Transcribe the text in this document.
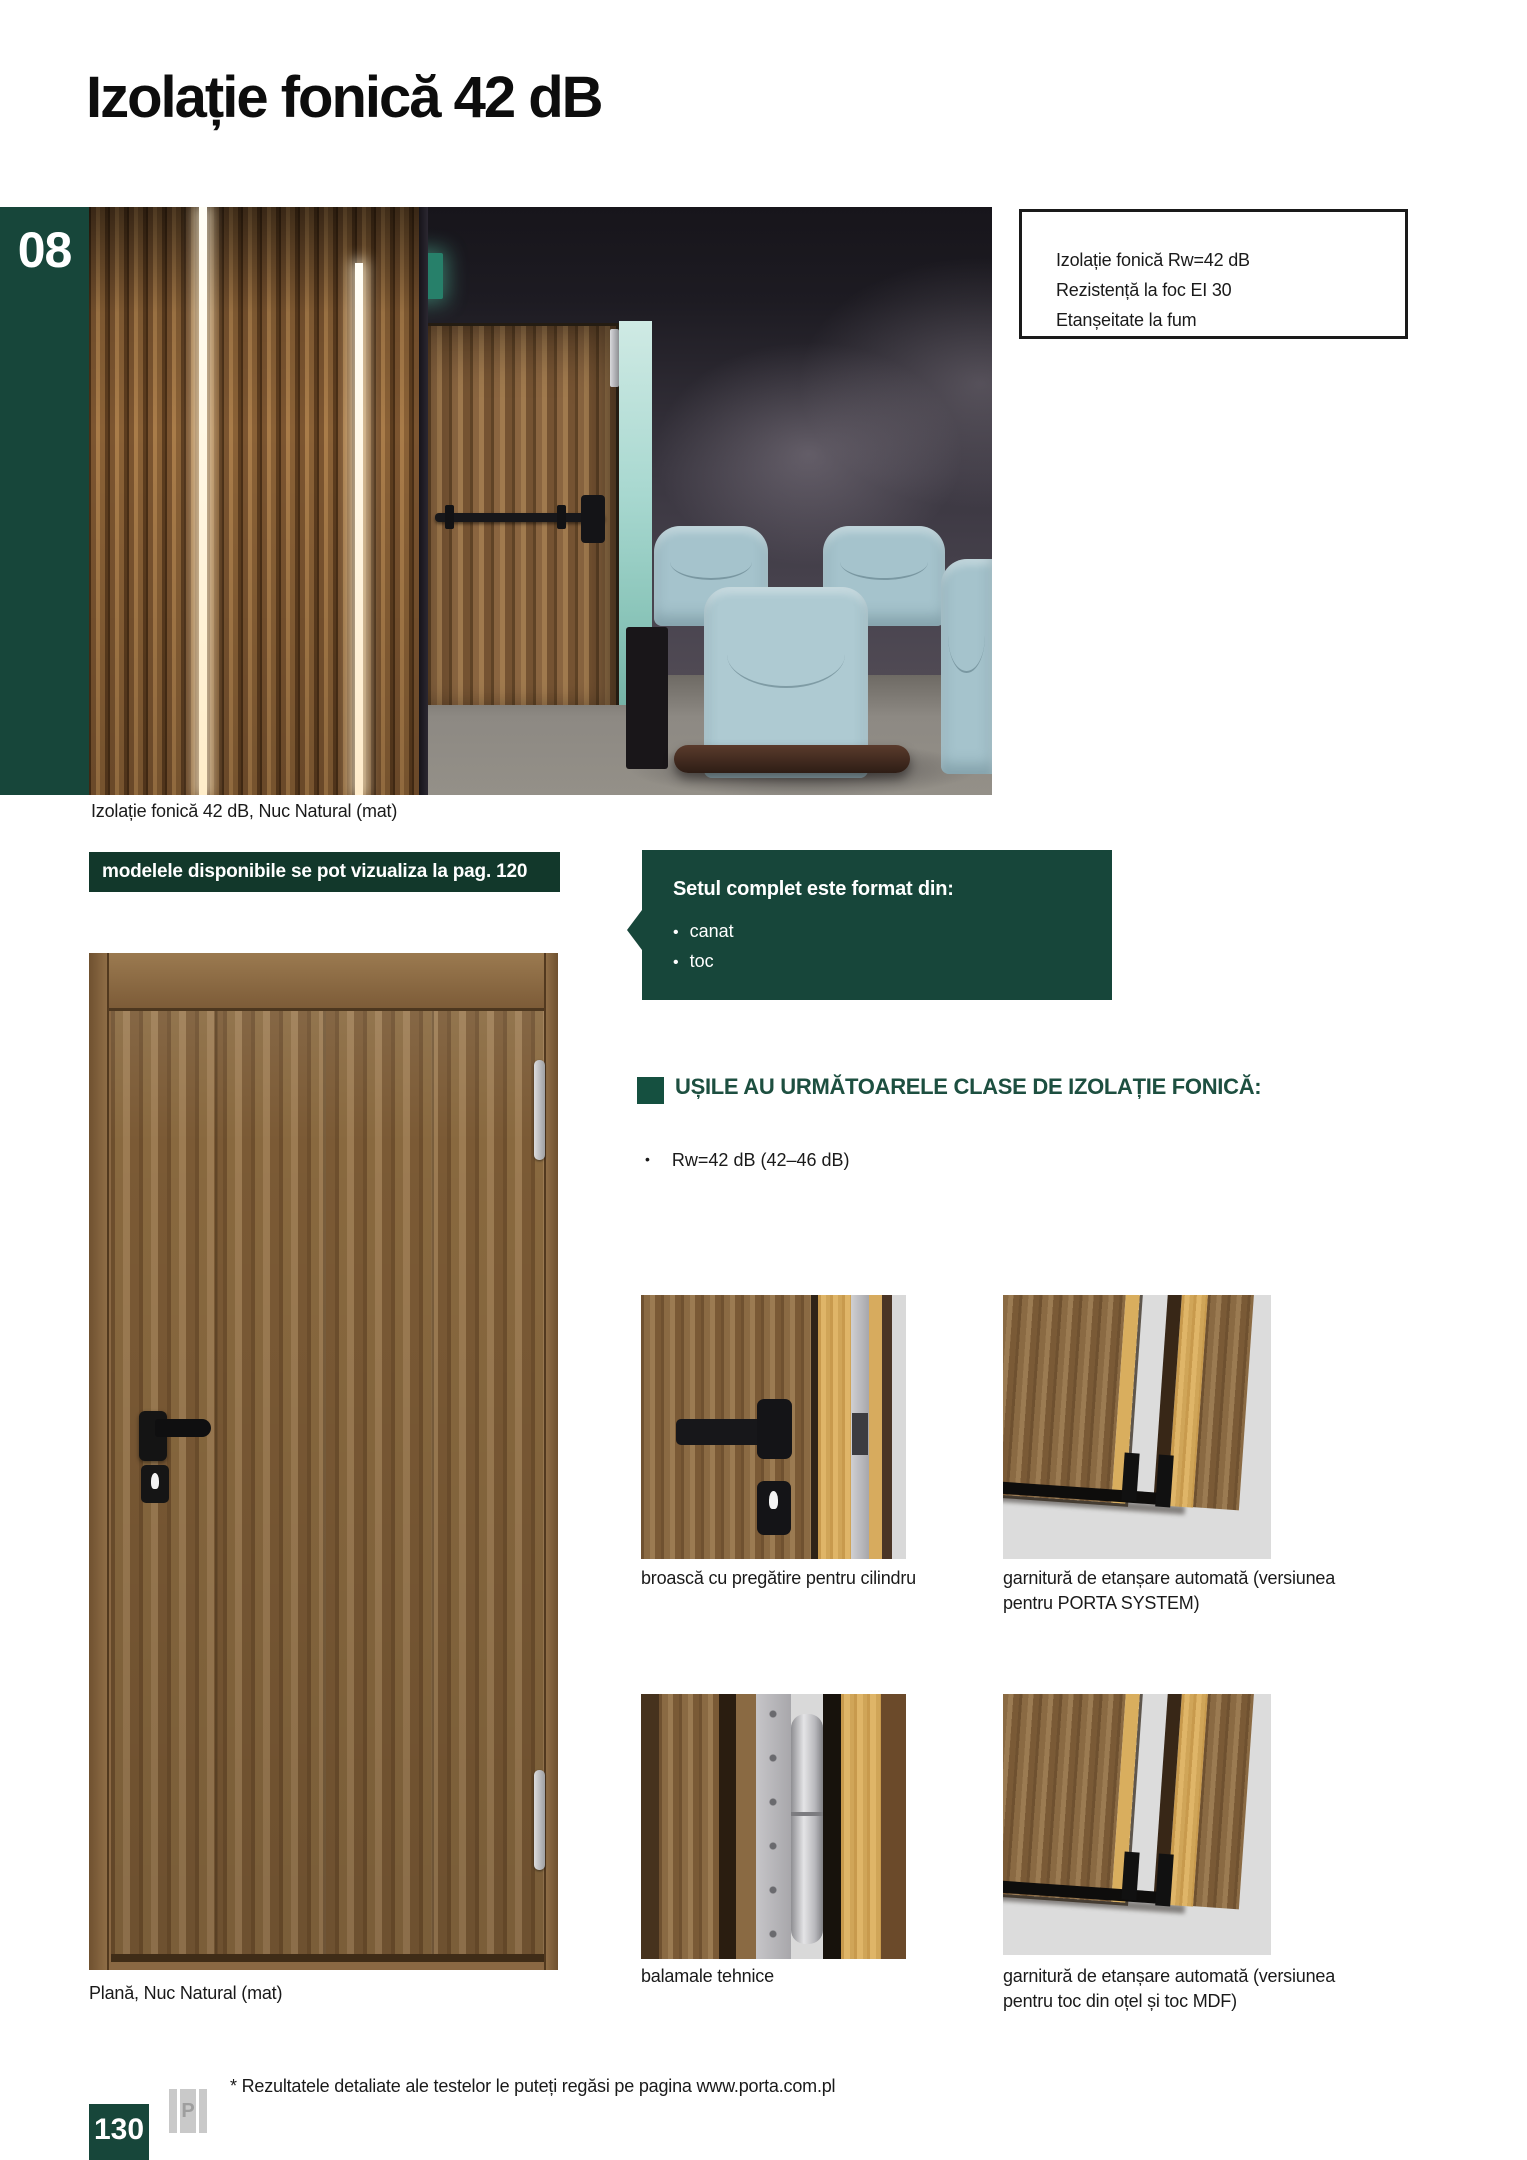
Izolație fonică 42 dB
08	Izolație fonică Rw=42 dB
Rezistență la foc EI 30
Etanșeitate la fum
Izolație fonică 42 dB, Nuc Natural (mat)
modelele disponibile se pot vizualiza la pag. 120
Setul complet este format din:
• canat
• toc
UȘILE AU URMĂTOARELE CLASE DE IZOLAȚIE FONICĂ:
• Rw=42 dB (42–46 dB)
Plană, Nuc Natural (mat)
broască cu pregătire pentru cilindru	garnitură de etanșare automată (versiunea pentru PORTA SYSTEM)
balamale tehnice	garnitură de etanșare automată (versiunea pentru toc din oțel și toc MDF)
* Rezultatele detaliate ale testelor le puteți regăsi pe pagina www.porta.com.pl
130
P
